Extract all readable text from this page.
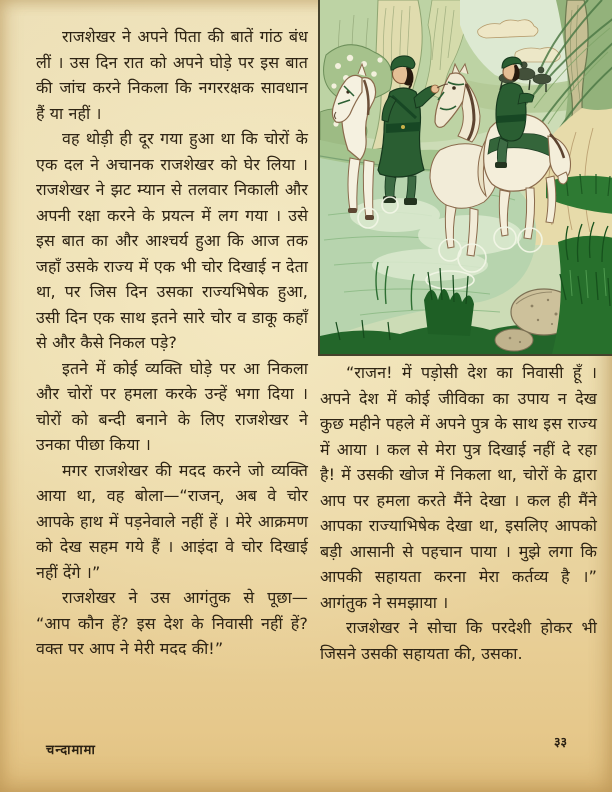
राजशेखर ने अपने पिता की बातें गांठ बंध लीं । उस दिन रात को अपने घोड़े पर इस बात की जांच करने निकला कि नगररक्षक सावधान हैं या नहीं ।

वह थोड़ी ही दूर गया हुआ था कि चोरों के एक दल ने अचानक राजशेखर को घेर लिया । राजशेखर ने झट म्यान से तलवार निकाली और अपनी रक्षा करने के प्रयत्न में लग गया । उसे इस बात का और आश्चर्य हुआ कि आज तक जहाँ उसके राज्य में एक भी चोर दिखाई न देता था, पर जिस दिन उसका राज्यभिषेक हुआ, उसी दिन एक साथ इतने सारे चोर व डाकू कहाँ से और कैसे निकल पड़े?

इतने में कोई व्यक्ति घोड़े पर आ निकला और चोरों पर हमला करके उन्हें भगा दिया । चोरों को बन्दी बनाने के लिए राजशेखर ने उनका पीछा किया ।

मगर राजशेखर की मदद करने जो व्यक्ति आया था, वह बोला—“राजन्, अब वे चोर आपके हाथ में पड़नेवाले नहीं हें । मेरे आक्रमण को देख सहम गये हैं । आइंदा वे चोर दिखाई नहीं देंगे ।”

राजशेखर ने उस आगंतुक से पूछा— “आप कौन हें? इस देश के निवासी नहीं हें? वक्त पर आप ने मेरी मदद की!”

“राजन! में पड़ोसी देश का निवासी हूँ । अपने देश में कोई जीविका का उपाय न देख कुछ महीने पहले में अपने पुत्र के साथ इस राज्य में आया । कल से मेरा पुत्र दिखाई नहीं दे रहा है! में उसकी खोज में निकला था, चोरों के द्वारा आप पर हमला करते मैंने देखा । कल ही मैंने आपका राज्याभिषेक देखा था, इसलिए आपको बड़ी आसानी से पहचान पाया । मुझे लगा कि आपकी सहायता करना मेरा कर्तव्य है ।” आगंतुक ने समझाया ।

राजशेखर ने सोचा कि परदेशी होकर भी जिसने उसकी सहायता की, उसका.

चन्दामामा
३३
